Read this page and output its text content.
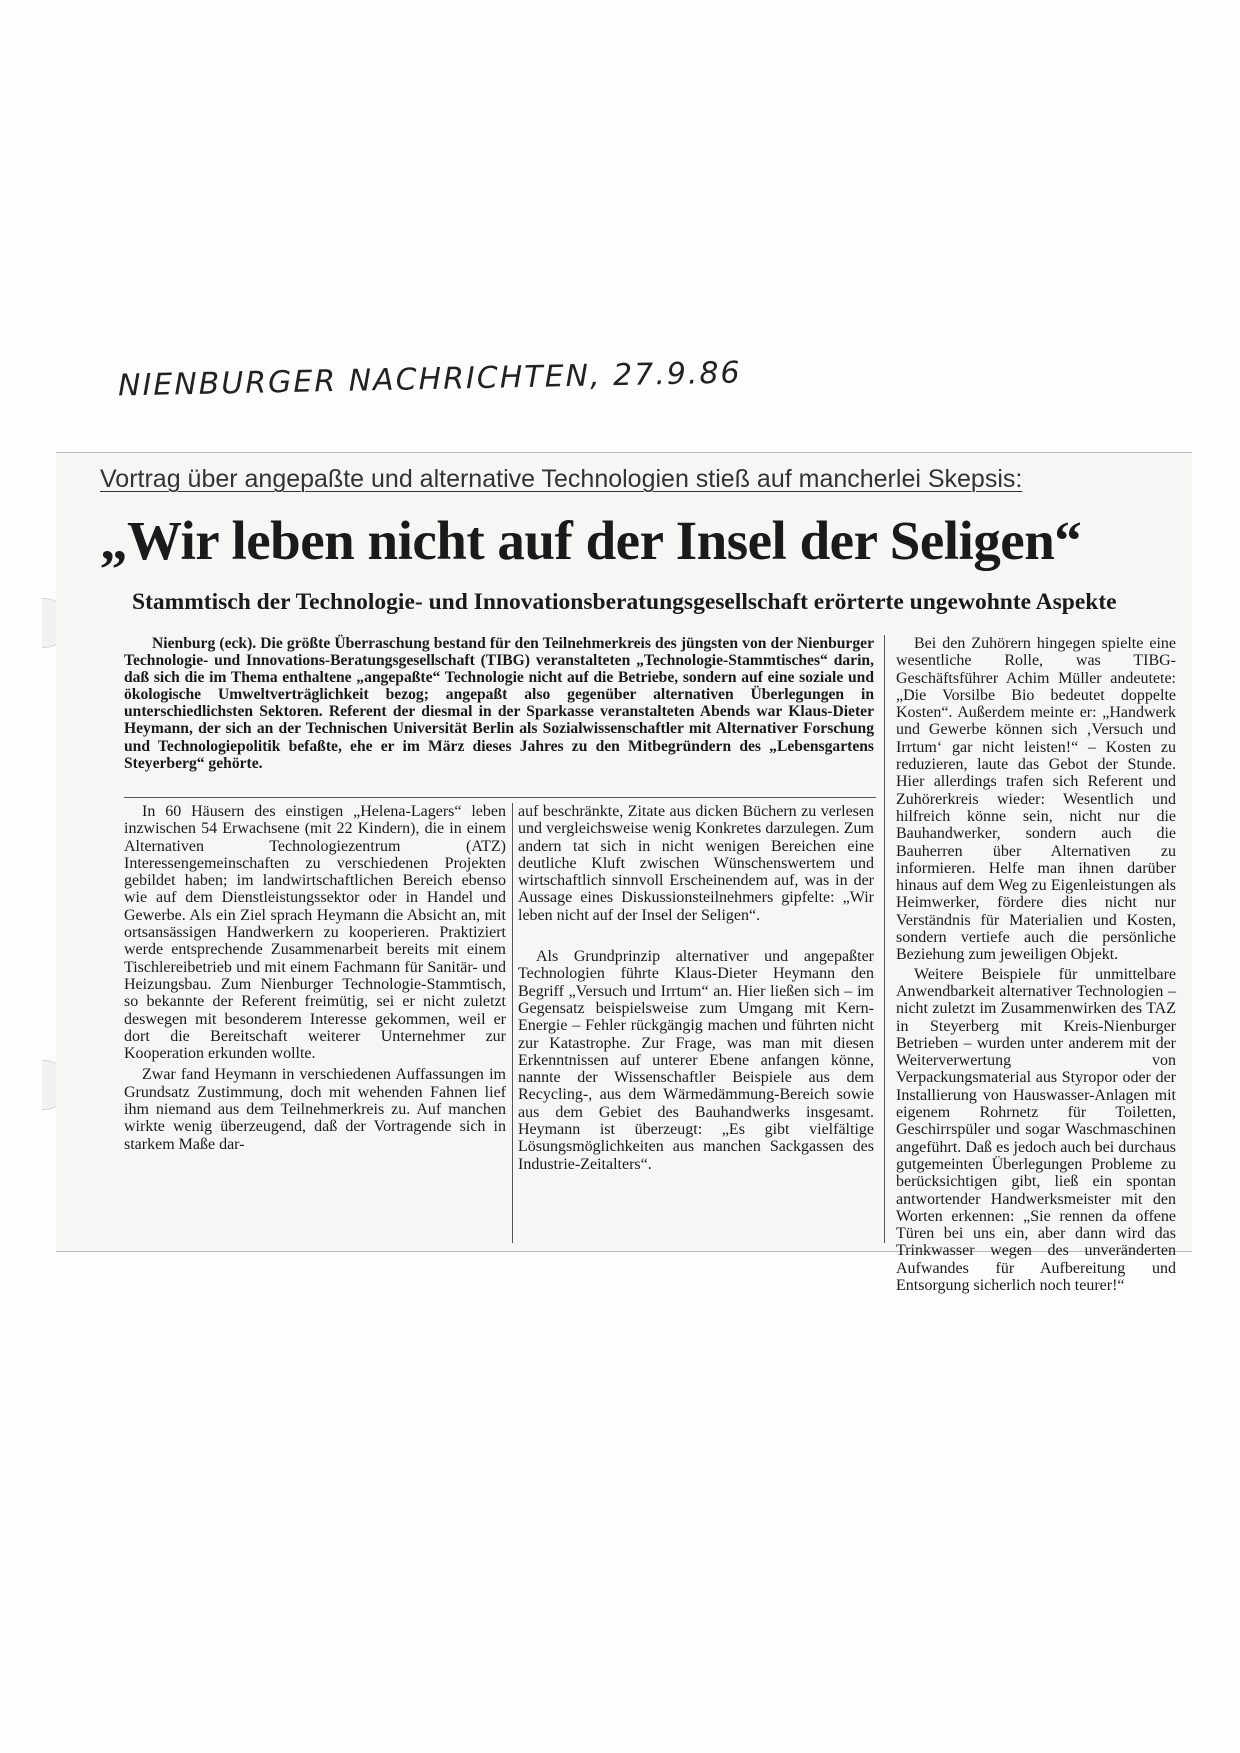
NIENBURGER NACHRICHTEN, 27.9.86
Vortrag über angepaßte und alternative Technologien stieß auf mancherlei Skepsis:
„Wir leben nicht auf der Insel der Seligen“
Stammtisch der Technologie- und Innovationsberatungsgesellschaft erörterte ungewohnte Aspekte

Nienburg (eck). Die größte Überraschung bestand für den Teilnehmerkreis des jüngsten von der Nienburger Technologie- und Innovations-Beratungsgesellschaft (TIBG) veranstalteten „Technologie-Stammtisches“ darin, daß sich die im Thema enthaltene „angepaßte“ Technologie nicht auf die Betriebe, sondern auf eine soziale und ökologische Umweltverträglichkeit bezog; angepaßt also gegenüber alternativen Überlegungen in unterschiedlichsten Sektoren. Referent der diesmal in der Sparkasse veranstalteten Abends war Klaus-Dieter Heymann, der sich an der Technischen Universität Berlin als Sozialwissenschaftler mit Alternativer Forschung und Technologiepolitik befaßte, ehe er im März dieses Jahres zu den Mitbegründern des „Lebensgartens Steyerberg“ gehörte.

In 60 Häusern des einstigen „Helena-Lagers“ leben inzwischen 54 Erwachsene (mit 22 Kindern), die in einem Alternativen Technologiezentrum (ATZ) Interessengemeinschaften zu verschiedenen Projekten gebildet haben; im landwirtschaftlichen Bereich ebenso wie auf dem Dienstleistungssektor oder in Handel und Gewerbe. Als ein Ziel sprach Heymann die Absicht an, mit ortsansässigen Handwerkern zu kooperieren. Praktiziert werde entsprechende Zusammenarbeit bereits mit einem Tischlereibetrieb und mit einem Fachmann für Sanitär- und Heizungsbau. Zum Nienburger Technologie-Stammtisch, so bekannte der Referent freimütig, sei er nicht zuletzt deswegen mit besonderem Interesse gekommen, weil er dort die Bereitschaft weiterer Unternehmer zur Kooperation erkunden wollte.

Zwar fand Heymann in verschiedenen Auffassungen im Grundsatz Zustimmung, doch mit wehenden Fahnen lief ihm niemand aus dem Teilnehmerkreis zu. Auf manchen wirkte wenig überzeugend, daß der Vortragende sich in starkem Maße dar-

auf beschränkte, Zitate aus dicken Büchern zu verlesen und vergleichsweise wenig Konkretes darzulegen. Zum andern tat sich in nicht wenigen Bereichen eine deutliche Kluft zwischen Wünschenswertem und wirtschaftlich sinnvoll Erscheinendem auf, was in der Aussage eines Diskussionsteilnehmers gipfelte: „Wir leben nicht auf der Insel der Seligen“.

Als Grundprinzip alternativer und angepaßter Technologien führte Klaus-Dieter Heymann den Begriff „Versuch und Irrtum“ an. Hier ließen sich – im Gegensatz beispielsweise zum Umgang mit Kern-Energie – Fehler rückgängig machen und führten nicht zur Katastrophe. Zur Frage, was man mit diesen Erkenntnissen auf unterer Ebene anfangen könne, nannte der Wissenschaftler Beispiele aus dem Recycling-, aus dem Wärmedämmung-Bereich sowie aus dem Gebiet des Bauhandwerks insgesamt. Heymann ist überzeugt: „Es gibt vielfältige Lösungsmöglichkeiten aus manchen Sackgassen des Industrie-Zeitalters“.

Bei den Zuhörern hingegen spielte eine wesentliche Rolle, was TIBG-Geschäftsführer Achim Müller andeutete: „Die Vorsilbe Bio bedeutet doppelte Kosten“. Außerdem meinte er: „Handwerk und Gewerbe können sich ‚Versuch und Irrtum‘ gar nicht leisten!“ – Kosten zu reduzieren, laute das Gebot der Stunde. Hier allerdings trafen sich Referent und Zuhörerkreis wieder: Wesentlich und hilfreich könne sein, nicht nur die Bauhandwerker, sondern auch die Bauherren über Alternativen zu informieren. Helfe man ihnen darüber hinaus auf dem Weg zu Eigenleistungen als Heimwerker, fördere dies nicht nur Verständnis für Materialien und Kosten, sondern vertiefe auch die persönliche Beziehung zum jeweiligen Objekt.

Weitere Beispiele für unmittelbare Anwendbarkeit alternativer Technologien – nicht zuletzt im Zusammenwirken des TAZ in Steyerberg mit Kreis-Nienburger Betrieben – wurden unter anderem mit der Weiterverwertung von Verpackungsmaterial aus Styropor oder der Installierung von Hauswasser-Anlagen mit eigenem Rohrnetz für Toiletten, Geschirrspüler und sogar Waschmaschinen angeführt. Daß es jedoch auch bei durchaus gutgemeinten Überlegungen Probleme zu berücksichtigen gibt, ließ ein spontan antwortender Handwerksmeister mit den Worten erkennen: „Sie rennen da offene Türen bei uns ein, aber dann wird das Trinkwasser wegen des unveränderten Aufwandes für Aufbereitung und Entsorgung sicherlich noch teurer!“
